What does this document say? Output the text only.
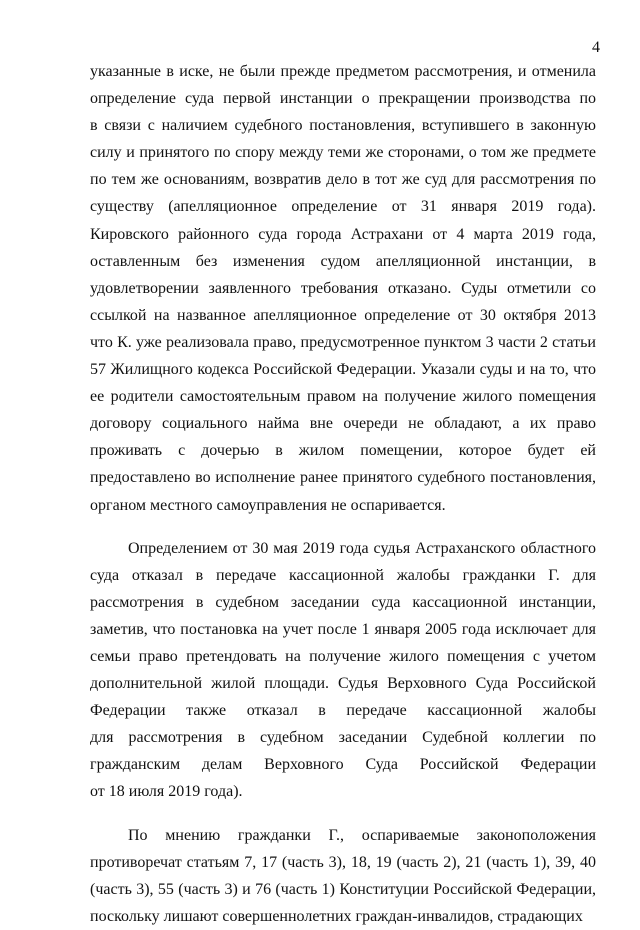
4

указанные в иске, не были прежде предметом рассмотрения, и отменила
определение суда первой инстанции о прекращении производства по
в связи с наличием судебного постановления, вступившего в законную
силу и принятого по спору между теми же сторонами, о том же предмете
по тем же основаниям, возвратив дело в тот же суд для рассмотрения по
существу (апелляционное определение от 31 января 2019 года).
Кировского районного суда города Астрахани от 4 марта 2019 года,
оставленным без изменения судом апелляционной инстанции, в
удовлетворении заявленного требования отказано. Суды отметили со
ссылкой на названное апелляционное определение от 30 октября 2013
что К. уже реализовала право, предусмотренное пунктом 3 части 2 статьи
57 Жилищного кодекса Российской Федерации. Указали суды и на то, что
ее родители самостоятельным правом на получение жилого помещения
договору социального найма вне очереди не обладают, а их право
проживать с дочерью в жилом помещении, которое будет ей
предоставлено во исполнение ранее принятого судебного постановления,
органом местного самоуправления не оспаривается.

Определением от 30 мая 2019 года судья Астраханского областного
суда отказал в передаче кассационной жалобы гражданки Г. для
рассмотрения в судебном заседании суда кассационной инстанции,
заметив, что постановка на учет после 1 января 2005 года исключает для
семьи право претендовать на получение жилого помещения с учетом
дополнительной жилой площади. Судья Верховного Суда Российской
Федерации также отказал в передаче кассационной жалобы
для рассмотрения в судебном заседании Судебной коллегии по
гражданским делам Верховного Суда Российской Федерации
от 18 июля 2019 года).

По мнению гражданки Г., оспариваемые законоположения
противоречат статьям 7, 17 (часть 3), 18, 19 (часть 2), 21 (часть 1), 39, 40
(часть 3), 55 (часть 3) и 76 (часть 1) Конституции Российской Федерации,
поскольку лишают совершеннолетних граждан-инвалидов, страдающих
